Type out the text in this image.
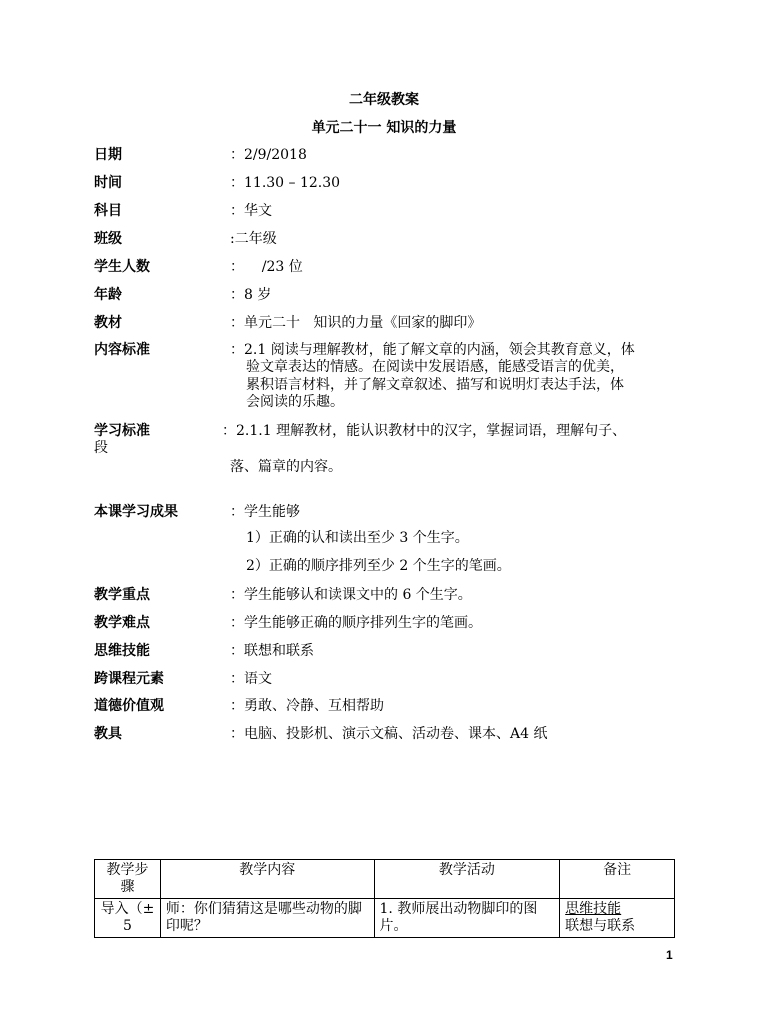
二年级教案
单元二十一 知识的力量
日期	：2/9/2018
时间	：11.30 – 12.30
科目	：华文
班级	:二年级
学生人数	：    /23 位
年龄	：8 岁
教材	：单元二十   知识的力量《回家的脚印》
内容标准	：2.1 阅读与理解教材，能了解文章的内涵，领会其教育意义，体
验文章表达的情感。在阅读中发展语感，能感受语言的优美，
累积语言材料，并了解文章叙述、描写和说明灯表达手法，体
会阅读的乐趣。
学习标准
段
：2.1.1 理解教材，能认识教材中的汉字，掌握词语，理解句子、
落、篇章的内容。
本课学习成果	：学生能够
1）正确的认和读出至少 3 个生字。
2）正确的顺序排列至少 2 个生字的笔画。
教学重点	：学生能够认和读课文中的 6 个生字。
教学难点	：学生能够正确的顺序排列生字的笔画。
思维技能	：联想和联系
跨课程元素	：语文
道德价值观	：勇敢、冷静、互相帮助
教具	：电脑、投影机、演示文稿、活动卷、课本、A4 纸
教学步骤	教学内容	教学活动	备注
导入（± 5	师：你们猜猜这是哪些动物的脚印呢？	1. 教师展出动物脚印的图片。	思维技能
联想与联系
1
